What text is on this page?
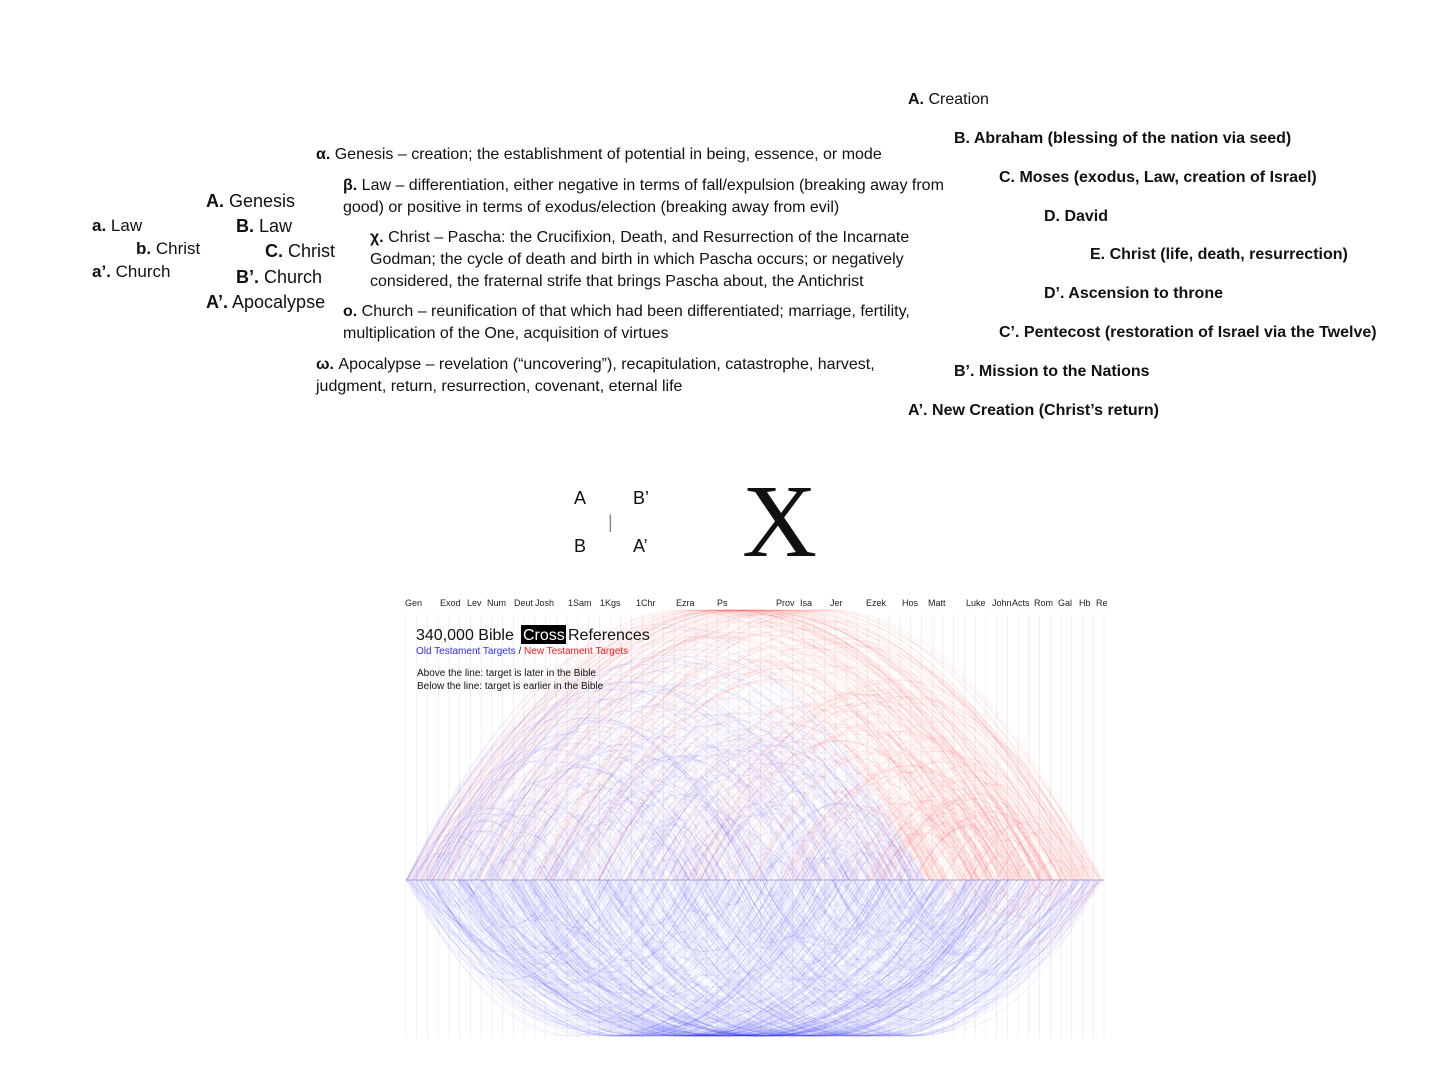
a. Law
b. Christ
a’. Church
A. Genesis
B. Law
C. Christ
B’. Church
A’. Apocalypse

α. Genesis – creation; the establishment of potential in being, essence, or mode

β. Law – differentiation, either negative in terms of fall/expulsion (breaking away from good) or positive in terms of exodus/election (breaking away from evil)

χ. Christ – Pascha: the Crucifixion, Death, and Resurrection of the Incarnate Godman; the cycle of death and birth in which Pascha occurs; or negatively considered, the fraternal strife that brings Pascha about, the Antichrist

ο. Church – reunification of that which had been differentiated; marriage, fertility, multiplication of the One, acquisition of virtues

ω. Apocalypse – revelation (“uncovering”), recapitulation, catastrophe, harvest, judgment, return, resurrection, covenant, eternal life

A. Creation
B. Abraham (blessing of the nation via seed)
C. Moses (exodus, Law, creation of Israel)
D. David
E. Christ (life, death, resurrection)
D’. Ascension to throne
C’. Pentecost (restoration of Israel via the Twelve)
B’. Mission to the Nations
A’. New Creation (Christ’s return)
A	B’
|
B	A’ X
Gen Exod Lev Num Deut Josh 1Sam 1Kgs 1Chr Ezra Ps	Prov Isa Jer	Ezek Hos Matt Luke John Acts Rom Gal Hb Re
340,000 Bible Cross References
Old Testament Targets / New Testament Targets
Above the line: target is later in the Bible
Below the line: target is earlier in the Bible
